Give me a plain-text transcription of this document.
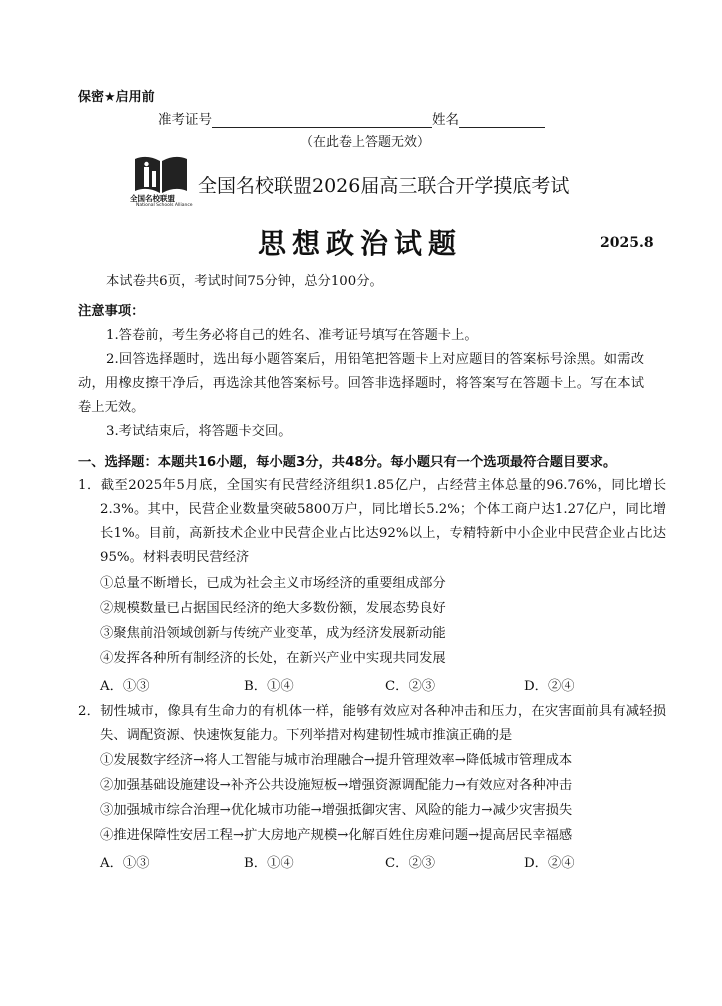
保密★启用前
准考证号	姓名
（在此卷上答题无效）
全国名校联盟
National Schools Alliance
全国名校联盟2026届高三联合开学摸底考试
思想政治试题	2025.8
本试卷共6页，考试时间75分钟，总分100分。
注意事项：
1.答卷前，考生务必将自己的姓名、准考证号填写在答题卡上。
2.回答选择题时，选出每小题答案后，用铅笔把答题卡上对应题目的答案标号涂黑。如需改动，用橡皮擦干净后，再选涂其他答案标号。回答非选择题时，将答案写在答题卡上。写在本试卷上无效。
3.考试结束后，将答题卡交回。
一、选择题：本题共16小题，每小题3分，共48分。每小题只有一个选项最符合题目要求。
1．截至2025年5月底，全国实有民营经济组织1.85亿户，占经营主体总量的96.76%，同比增长2.3%。其中，民营企业数量突破5800万户，同比增长5.2%；个体工商户达1.27亿户，同比增长1%。目前，高新技术企业中民营企业占比达92%以上，专精特新中小企业中民营企业占比达95%。材料表明民营经济
①总量不断增长，已成为社会主义市场经济的重要组成部分
②规模数量已占据国民经济的绝大多数份额，发展态势良好
③聚焦前沿领域创新与传统产业变革，成为经济发展新动能
④发挥各种所有制经济的长处，在新兴产业中实现共同发展
A．①③	B．①④	C．②③	D．②④
2．韧性城市，像具有生命力的有机体一样，能够有效应对各种冲击和压力，在灾害面前具有减轻损失、调配资源、快速恢复能力。下列举措对构建韧性城市推演正确的是
①发展数字经济→将人工智能与城市治理融合→提升管理效率→降低城市管理成本
②加强基础设施建设→补齐公共设施短板→增强资源调配能力→有效应对各种冲击
③加强城市综合治理→优化城市功能→增强抵御灾害、风险的能力→减少灾害损失
④推进保障性安居工程→扩大房地产规模→化解百姓住房难问题→提高居民幸福感
A．①③	B．①④	C．②③	D．②④
